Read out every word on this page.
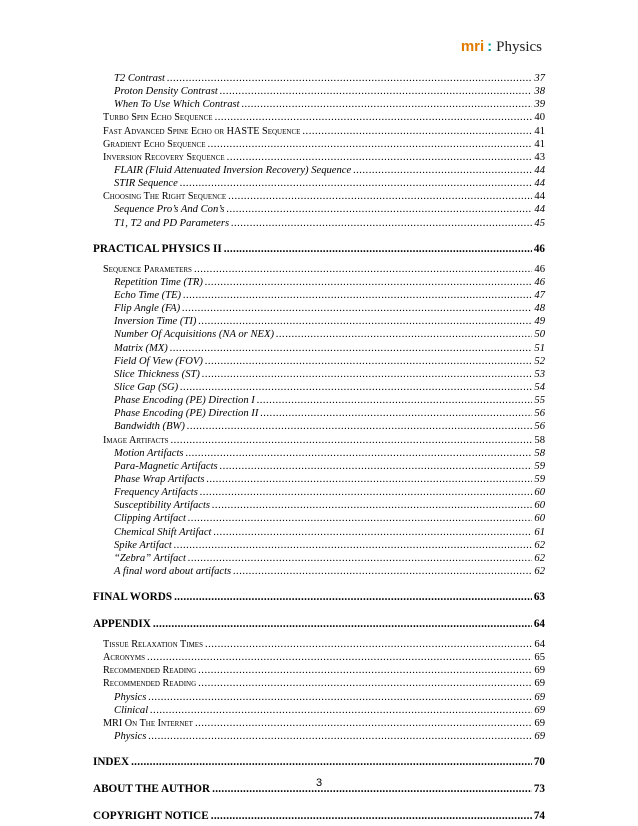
mri : Physics
T2 Contrast .....	37
Proton Density Contrast .....	38
When To Use Which Contrast .....	39
Turbo Spin Echo Sequence .....	40
Fast Advanced Spine Echo or HASTE Sequence .....	41
Gradient Echo Sequence .....	41
Inversion Recovery Sequence .....	43
FLAIR (Fluid Attenuated Inversion Recovery) Sequence .....	44
STIR Sequence .....	44
Choosing The Right Sequence .....	44
Sequence Pro’s And Con’s .....	44
T1, T2 and PD Parameters .....	45
PRACTICAL PHYSICS II .....	46
Sequence Parameters .....	46
Repetition Time (TR) .....	46
Echo Time (TE) .....	47
Flip Angle (FA) .....	48
Inversion Time (TI) .....	49
Number Of Acquisitions (NA or NEX) .....	50
Matrix (MX) .....	51
Field Of View (FOV) .....	52
Slice Thickness (ST) .....	53
Slice Gap (SG) .....	54
Phase Encoding (PE) Direction I .....	55
Phase Encoding (PE) Direction II .....	56
Bandwidth (BW) .....	56
Image Artifacts .....	58
Motion Artifacts .....	58
Para-Magnetic Artifacts .....	59
Phase Wrap Artifacts .....	59
Frequency Artifacts .....	60
Susceptibility Artifacts .....	60
Clipping Artifact .....	60
Chemical Shift Artifact .....	61
Spike Artifact .....	62
“Zebra” Artifact .....	62
A final word about artifacts .....	62
FINAL WORDS .....	63
APPENDIX .....	64
Tissue Relaxation Times .....	64
Acronyms .....	65
Recommended Reading .....	69
Recommended Reading .....	69
Physics .....	69
Clinical .....	69
MRI On The Internet .....	69
Physics .....	69
INDEX .....	70
ABOUT THE AUTHOR .....	73
COPYRIGHT NOTICE .....	74
3
